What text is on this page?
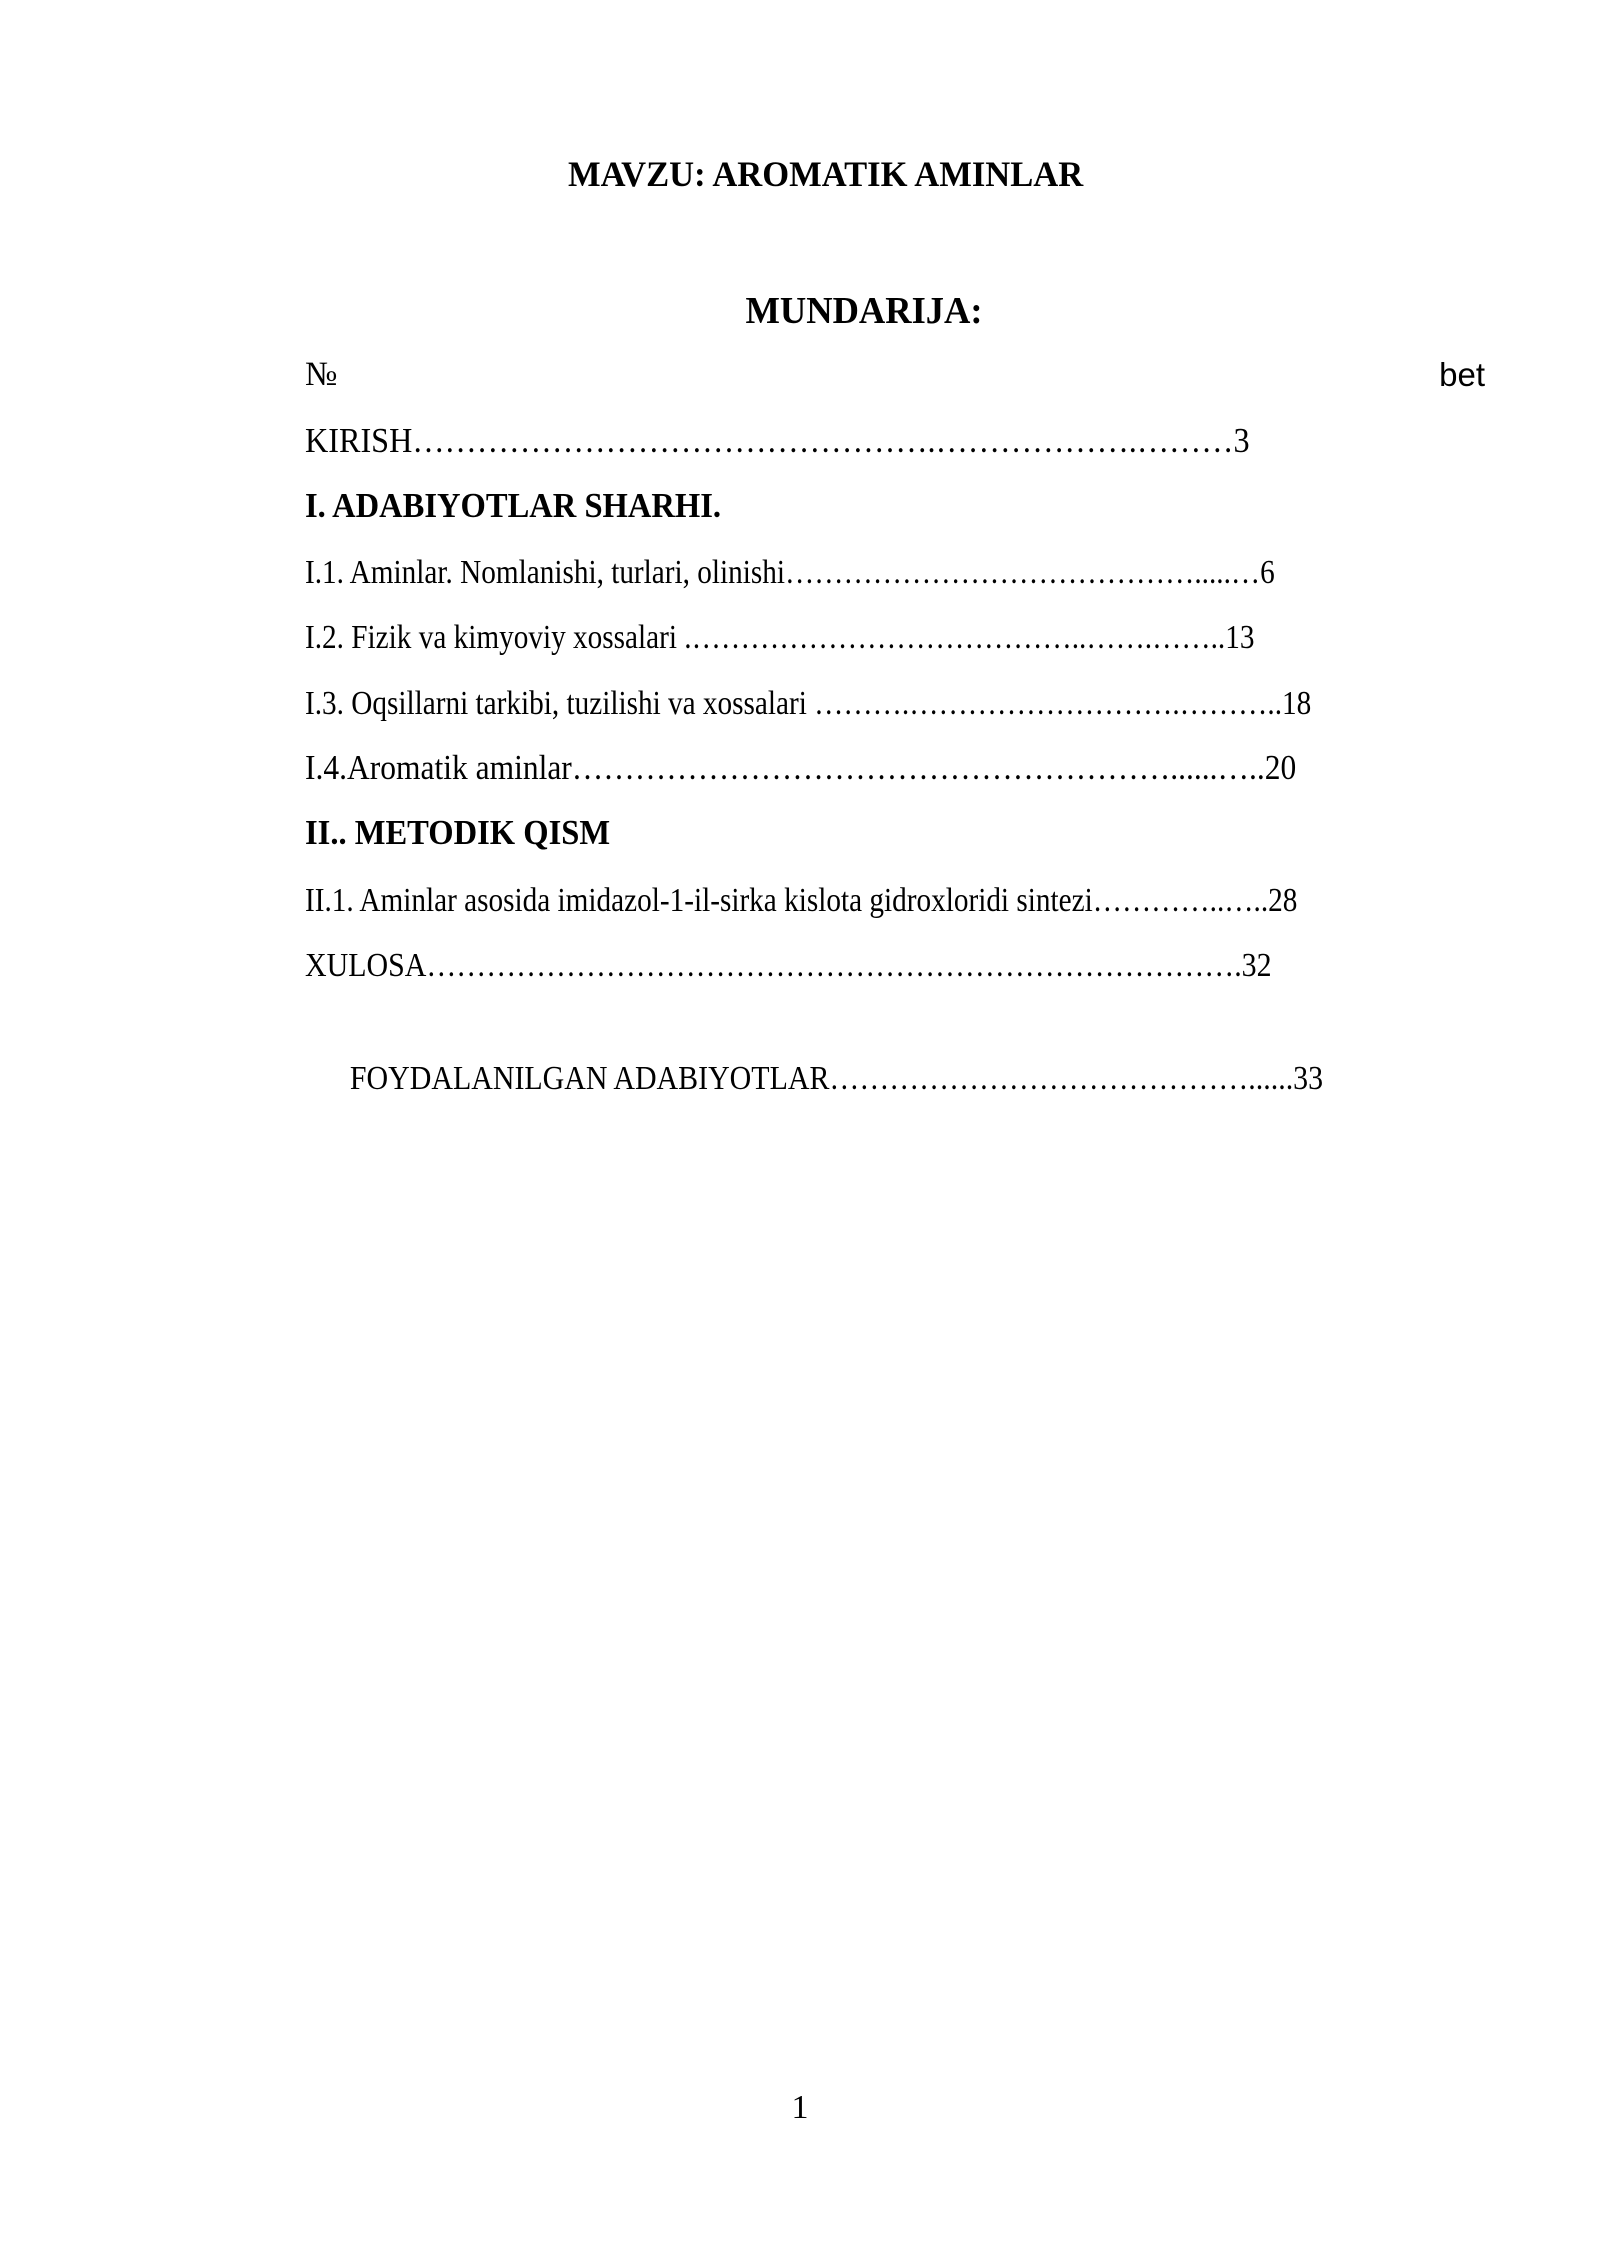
MAVZU: AROMATIK AMINLAR
MUNDARIJA:
№	bet
KIRISH………………………………………….……………….………3
I. ADABIYOTLAR SHARHI.
I.1. Aminlar. Nomlanishi, turlari, olinishi…………………………………….....…6
I.2. Fizik va kimyoviy xossalari .…………………………………..…….……..13
I.3. Oqsillarni tarkibi, tuzilishi va xossalari ……….……………………….………..18
I.4.Aromatik aminlar…………………………………………………......…..20
II.. METODIK QISM
II.1. Aminlar asosida imidazol-1-il-sirka kislota gidroxloridi sintezi…………..…..28
XULOSA……………………………………………………………………….32

FOYDALANILGAN ADABIYOTLAR……………………………………......33

1
